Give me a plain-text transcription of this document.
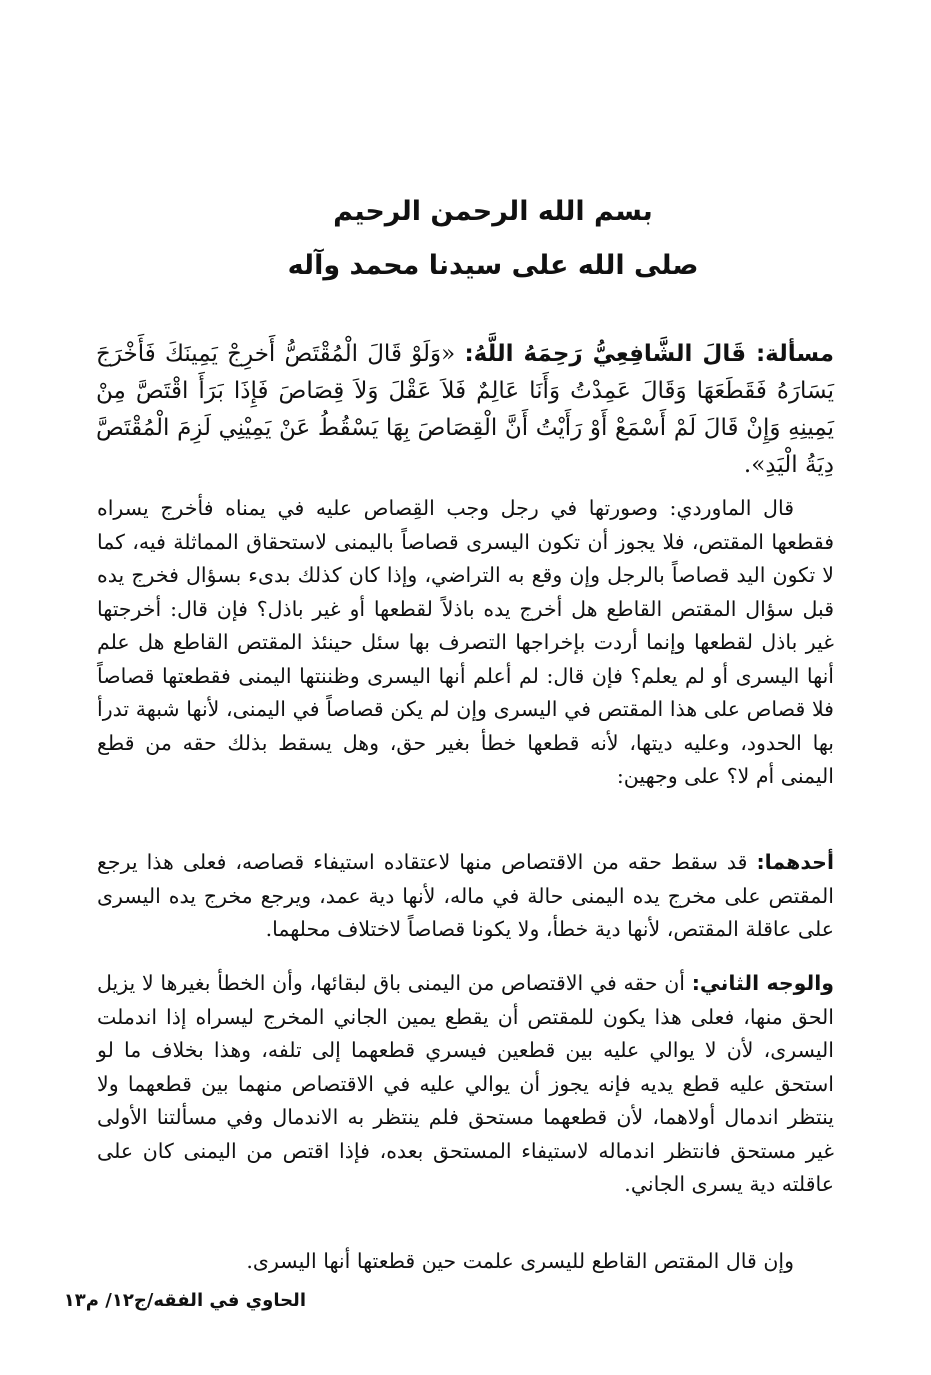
بسم الله الرحمن الرحيم
صلى الله على سيدنا محمد وآله
مسألة: قَالَ الشَّافِعِيُّ رَحِمَهُ اللَّهُ: «وَلَوْ قَالَ الْمُقْتَصُّ أَخرِجْ يَمِينَكَ فَأَخْرَجَ يَسَارَهُ فَقَطَعَهَا وَقَالَ عَمِدْتُ وَأَنَا عَالِمٌ فَلاَ عَقْلَ وَلاَ قِصَاصَ فَإِذَا بَرَأَ اقْتَصَّ مِنْ يَمِينِهِ وَإِنْ قَالَ لَمْ أَسْمَعْ أَوْ رَأَيْتُ أَنَّ الْقِصَاصَ بِهَا يَسْقُطُ عَنْ يَمِيْنِي لَزِمَ الْمُقْتَصَّ دِيَةُ الْيَدِ».
قال الماوردي: وصورتها في رجل وجب القِصاص عليه في يمناه فأخرج يسراه فقطعها المقتص، فلا يجوز أن تكون اليسرى قصاصاً باليمنى لاستحقاق المماثلة فيه، كما لا تكون اليد قصاصاً بالرجل وإن وقع به التراضي، وإذا كان كذلك بدىء بسؤال فخرج يده قبل سؤال المقتص القاطع هل أخرج يده باذلاً لقطعها أو غير باذل؟ فإن قال: أخرجتها غير باذل لقطعها وإنما أردت بإخراجها التصرف بها سئل حينئذ المقتص القاطع هل علم أنها اليسرى أو لم يعلم؟ فإن قال: لم أعلم أنها اليسرى وظننتها اليمنى فقطعتها قصاصاً فلا قصاص على هذا المقتص في اليسرى وإن لم يكن قصاصاً في اليمنى، لأنها شبهة تدرأ بها الحدود، وعليه ديتها، لأنه قطعها خطأ بغير حق، وهل يسقط بذلك حقه من قطع اليمنى أم لا؟ على وجهين:
أحدهما: قد سقط حقه من الاقتصاص منها لاعتقاده استيفاء قصاصه، فعلى هذا يرجع المقتص على مخرج يده اليمنى حالة في ماله، لأنها دية عمد، ويرجع مخرج يده اليسرى على عاقلة المقتص، لأنها دية خطأ، ولا يكونا قصاصاً لاختلاف محلهما.
والوجه الثاني: أن حقه في الاقتصاص من اليمنى باق لبقائها، وأن الخطأ بغيرها لا يزيل الحق منها، فعلى هذا يكون للمقتص أن يقطع يمين الجاني المخرج ليسراه إذا اندملت اليسرى، لأن لا يوالي عليه بين قطعين فيسري قطعهما إلى تلفه، وهذا بخلاف ما لو استحق عليه قطع يديه فإنه يجوز أن يوالي عليه في الاقتصاص منهما بين قطعهما ولا ينتظر اندمال أولاهما، لأن قطعهما مستحق فلم ينتظر به الاندمال وفي مسألتنا الأولى غير مستحق فانتظر اندماله لاستيفاء المستحق بعده، فإذا اقتص من اليمنى كان على عاقلته دية يسرى الجاني.
وإن قال المقتص القاطع لليسرى علمت حين قطعتها أنها اليسرى.
الحاوي في الفقه/ج١٢/ م١٣
